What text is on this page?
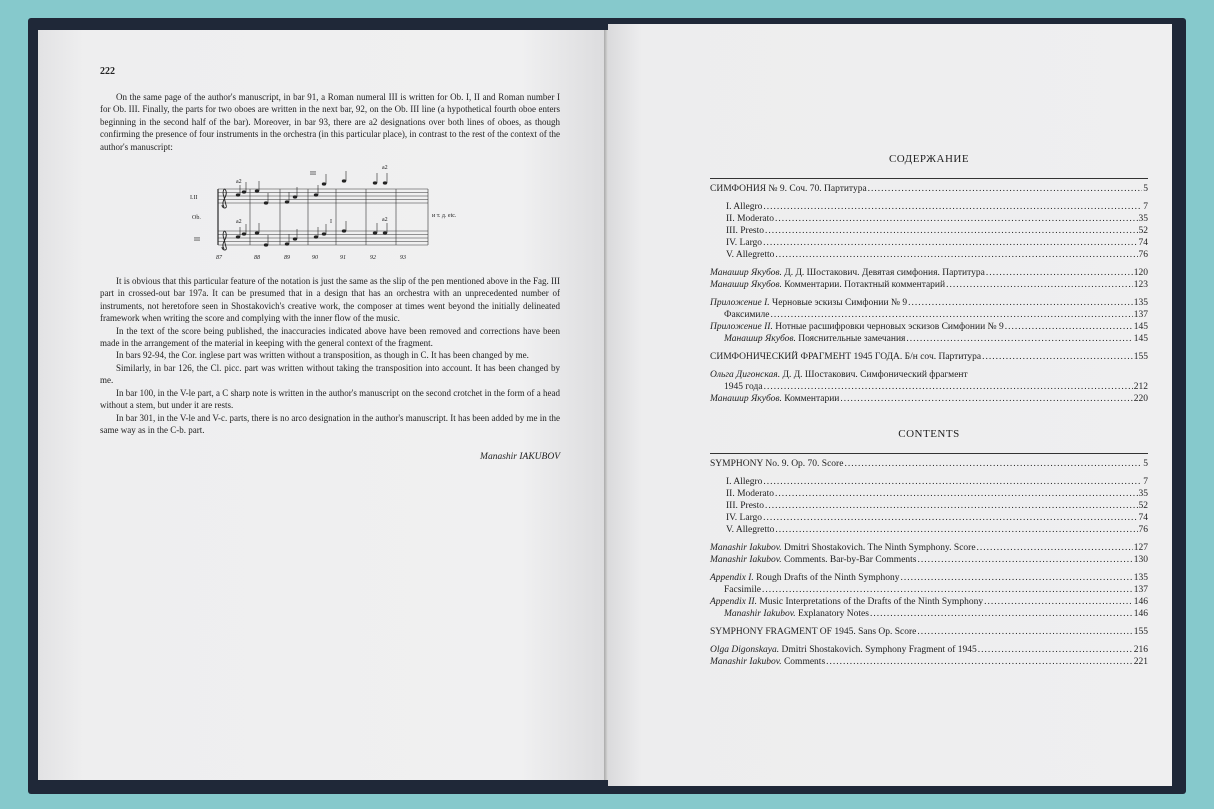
222

On the same page of the author's manuscript, in bar 91, a Roman numeral III is written for Ob. I, II and Roman number I for Ob. III. Finally, the parts for two oboes are written in the next bar, 92, on the Ob. III line (a hypothetical fourth oboe enters beginning in the second half of the bar). Moreover, in bar 93, there are a2 designations over both lines of oboes, as though confirming the presence of four instruments in the orchestra (in this particular place), in contrast to the rest of the context of the author's manuscript:

I.II
Ob.
III
a2
a2
III
I
a2
a2
и т. д. etc.
87	88	89	90	91	92	93

It is obvious that this particular feature of the notation is just the same as the slip of the pen mentioned above in the Fag. III part in crossed-out bar 197a. It can be presumed that in a design that has an orchestra with an unprecedented number of instruments, not heretofore seen in Shostakovich's creative work, the composer at times went beyond the initially delineated framework when writing the score and complying with the inner flow of the music.

In the text of the score being published, the inaccuracies indicated above have been removed and corrections have been made in the arrangement of the material in keeping with the general context of the fragment.

In bars 92-94, the Cor. inglese part was written without a transposition, as though in C. It has been changed by me.

Similarly, in bar 126, the Cl. picc. part was written without taking the transposition into account. It has been changed by me.

In bar 100, in the V-le part, a C sharp note is written in the author's manuscript on the second crotchet in the form of a head without a stem, but under it are rests.

In bar 301, in the V-le and V-c. parts, there is no arco designation in the author's manuscript. It has been added by me in the same way as in the C-b. part.

Manashir IAKUBOV
СОДЕРЖАНИЕ
СИМФОНИЯ № 9. Соч. 70. Партитура
.....	5
I. Allegro
.....	7
II. Moderato
.....	35
III. Presto
.....	52
IV. Largo
.....	74
V. Allegretto
.....	76
Манашир Якубов. Д. Д. Шостакович. Девятая симфония. Партитура
.....	120
Манашир Якубов. Комментарии. Потактный комментарий
.....	123
Приложение I. Черновые эскизы Симфонии № 9
.....	135
Факсимиле
.....	137
Приложение II. Нотные расшифровки черновых эскизов Симфонии № 9
.....	145
Манашир Якубов. Пояснительные замечания
.....	145
СИМФОНИЧЕСКИЙ ФРАГМЕНТ 1945 ГОДА. Б/н соч. Партитура
.....	155
Ольга Дигонская. Д. Д. Шостакович. Симфонический фрагмент
1945 года
.....	212
Манашир Якубов. Комментарии
.....	220
CONTENTS
SYMPHONY No. 9. Op. 70. Score
.....	5
I. Allegro
.....	7
II. Moderato
.....	35
III. Presto
.....	52
IV. Largo
.....	74
V. Allegretto
.....	76
Manashir Iakubov. Dmitri Shostakovich. The Ninth Symphony. Score
.....	127
Manashir Iakubov. Comments. Bar-by-Bar Comments
.....	130
Appendix I. Rough Drafts of the Ninth Symphony
.....	135
Facsimile
.....	137
Appendix II. Music Interpretations of the Drafts of the Ninth Symphony
.....	146
Manashir Iakubov. Explanatory Notes
.....	146
SYMPHONY FRAGMENT OF 1945. Sans Op. Score
.....	155
Olga Digonskaya. Dmitri Shostakovich. Symphony Fragment of 1945
.....	216
Manashir Iakubov. Comments
.....	221
